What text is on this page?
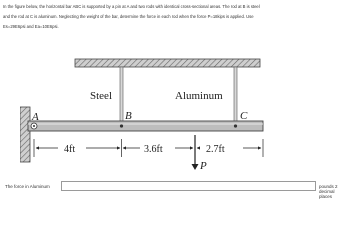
In the figure below, the horizontal bar ABC is supported by a pin at A and two rods with identical cross-sectional areas. The rod at B is steel

and the rod at C is aluminum. Neglecting the weight of the bar, determine the force in each rod when the force P=18kips is applied. Use

Es=29E6psi and Ea=10E6psi.

Steel	Aluminum
A	B	C
4ft	3.6ft	2.7ft
P
The force in Aluminum	pounds 2 decimal places
